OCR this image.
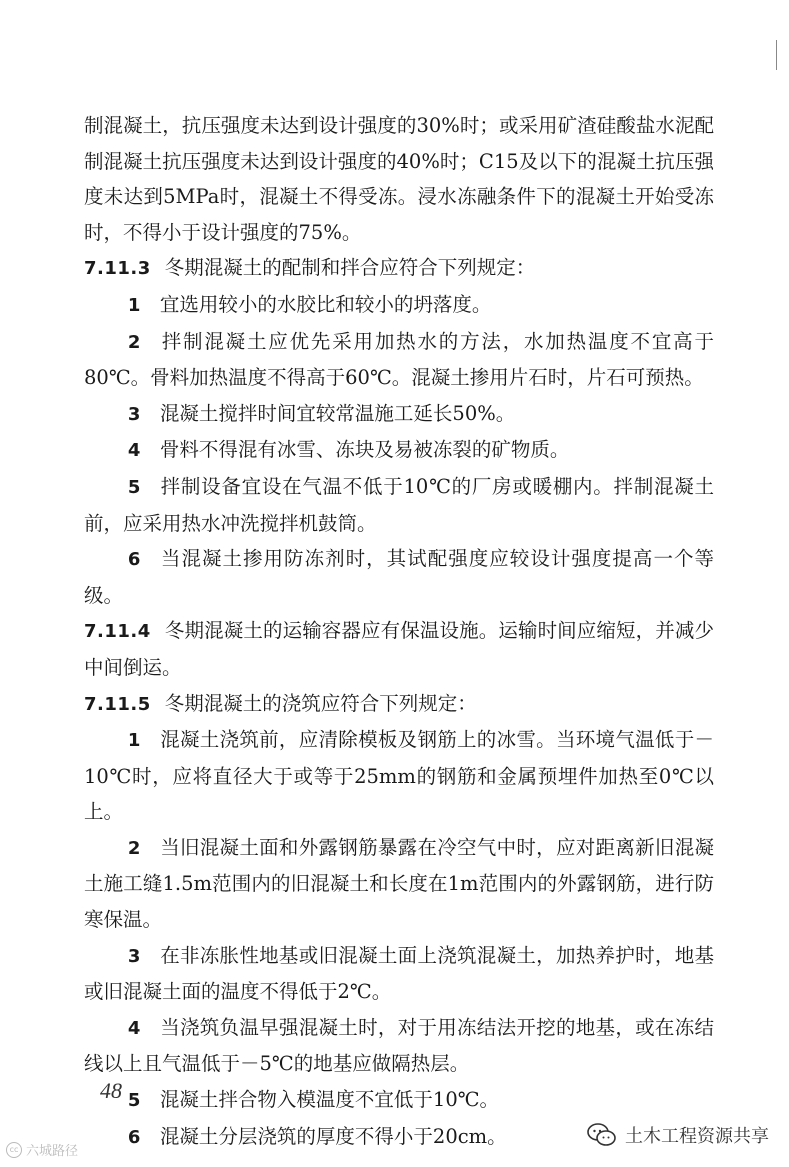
制混凝土，抗压强度未达到设计强度的30%时；或采用矿渣硅酸盐水泥配制混凝土抗压强度未达到设计强度的40%时；C15及以下的混凝土抗压强度未达到5MPa时，混凝土不得受冻。浸水冻融条件下的混凝土开始受冻时，不得小于设计强度的75%。

7.11.3 冬期混凝土的配制和拌合应符合下列规定：

1  宜选用较小的水胶比和较小的坍落度。

2  拌制混凝土应优先采用加热水的方法，水加热温度不宜高于80℃。骨料加热温度不得高于60℃。混凝土掺用片石时，片石可预热。

3  混凝土搅拌时间宜较常温施工延长50%。

4  骨料不得混有冰雪、冻块及易被冻裂的矿物质。

5  拌制设备宜设在气温不低于10℃的厂房或暖棚内。拌制混凝土前，应采用热水冲洗搅拌机鼓筒。

6  当混凝土掺用防冻剂时，其试配强度应较设计强度提高一个等级。

7.11.4 冬期混凝土的运输容器应有保温设施。运输时间应缩短，并减少中间倒运。

7.11.5 冬期混凝土的浇筑应符合下列规定：

1  混凝土浇筑前，应清除模板及钢筋上的冰雪。当环境气温低于－10℃时，应将直径大于或等于25mm的钢筋和金属预埋件加热至0℃以上。

2  当旧混凝土面和外露钢筋暴露在冷空气中时，应对距离新旧混凝土施工缝1.5m范围内的旧混凝土和长度在1m范围内的外露钢筋，进行防寒保温。

3  在非冻胀性地基或旧混凝土面上浇筑混凝土，加热养护时，地基或旧混凝土面的温度不得低于2℃。

4  当浇筑负温早强混凝土时，对于用冻结法开挖的地基，或在冻结线以上且气温低于－5℃的地基应做隔热层。

5  混凝土拌合物入模温度不宜低于10℃。

6  混凝土分层浇筑的厚度不得小于20cm。

48
cc 六城路径
土木工程资源共享
